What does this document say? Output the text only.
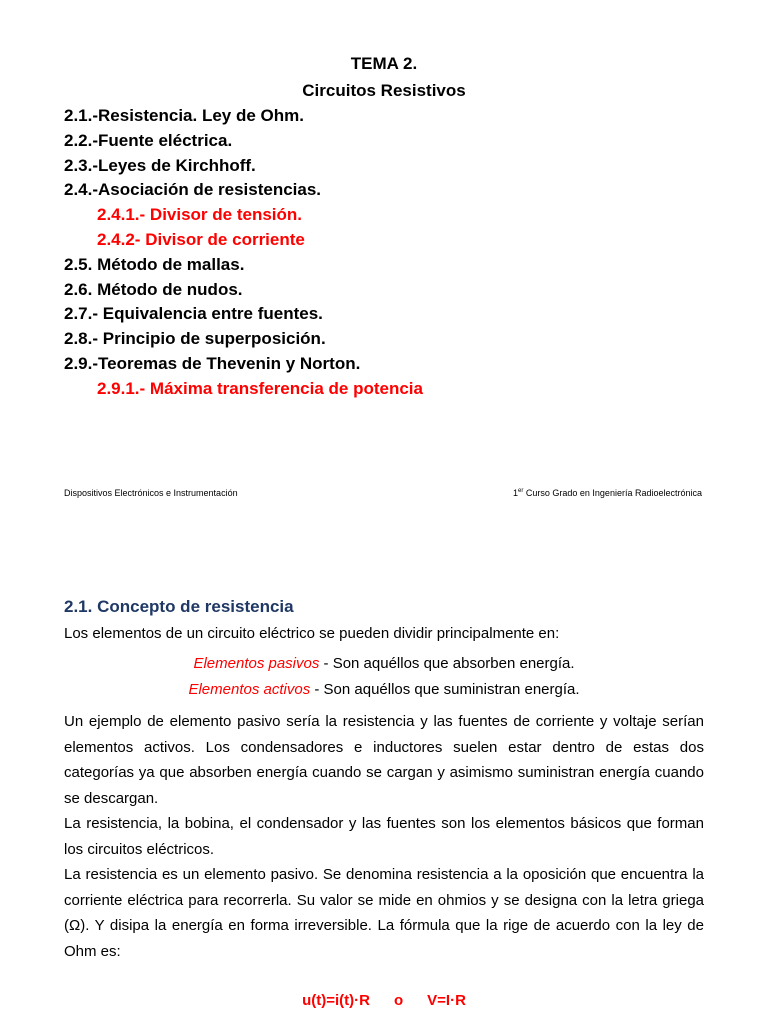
TEMA 2.
Circuitos Resistivos
2.1.-Resistencia. Ley de Ohm.
2.2.-Fuente eléctrica.
2.3.-Leyes de Kirchhoff.
2.4.-Asociación de resistencias.
2.4.1.- Divisor de tensión.
2.4.2- Divisor de corriente
2.5. Método de mallas.
2.6. Método de nudos.
2.7.- Equivalencia entre fuentes.
2.8.- Principio de superposición.
2.9.-Teoremas de Thevenin y Norton.
2.9.1.- Máxima transferencia de potencia
Dispositivos Electrónicos e Instrumentación	1er Curso Grado en Ingeniería Radioelectrónica
2.1. Concepto de resistencia
Los elementos de un circuito eléctrico se pueden dividir principalmente en:
Elementos pasivos - Son aquéllos que absorben energía.
Elementos activos - Son aquéllos que suministran energía.
Un ejemplo de elemento pasivo sería la resistencia y las fuentes de corriente y voltaje serían elementos activos. Los condensadores e inductores suelen estar dentro de estas dos categorías ya que absorben energía cuando se cargan y asimismo suministran energía cuando se descargan.
La resistencia, la bobina, el condensador y las fuentes son los elementos básicos que forman los circuitos eléctricos.
La resistencia es un elemento pasivo. Se denomina resistencia a la oposición que encuentra la corriente eléctrica para recorrerla. Su valor se mide en ohmios y se designa con la letra griega (Ω). Y disipa la energía en forma irreversible. La fórmula que la rige de acuerdo con la ley de Ohm es:
u(t)=i(t)·R o V=I·R
